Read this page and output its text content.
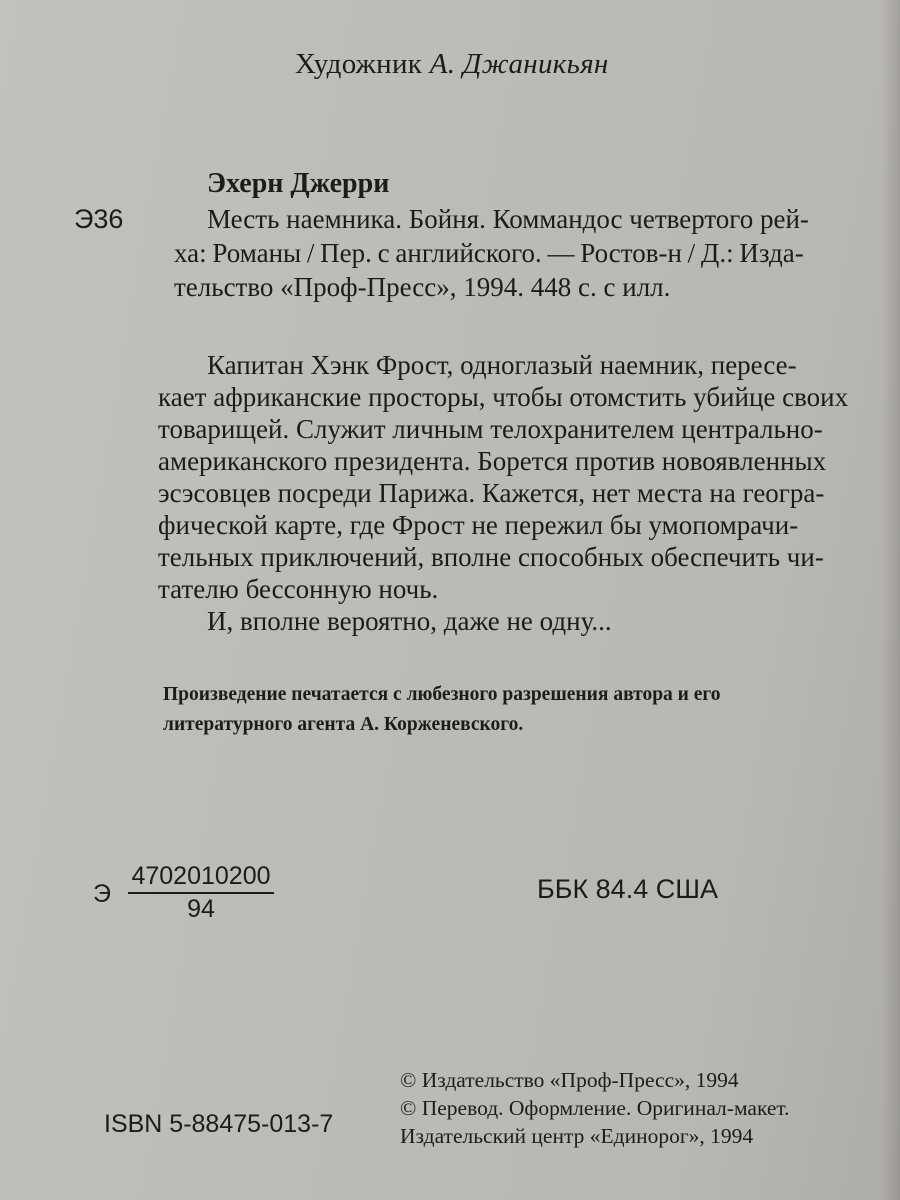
Художник А. Джаникьян
Эхерн Джерри
Э36	Месть наемника. Бойня. Коммандос четвертого рей-
ха: Романы / Пер. с английского. — Ростов-н / Д.: Изда-
тельство «Проф-Пресс», 1994. 448 с. с илл.
Капитан Хэнк Фрост, одноглазый наемник, пересе-
кает африканские просторы, чтобы отомстить убийце своих
товарищей. Служит личным телохранителем центрально-
американского президента. Борется против новоявленных
эсэсовцев посреди Парижа. Кажется, нет места на геогра-
фической карте, где Фрост не пережил бы умопомрачи-
тельных приключений, вполне способных обеспечить чи-
тателю бессонную ночь.
И, вполне вероятно, даже не одну...
Произведение печатается с любезного разрешения автора и его
литературного агента А. Корженевского.
Э $\frac{4702010200}{94}$	ББК 84.4 США
ISBN 5-88475-013-7
© Издательство «Проф-Пресс», 1994
© Перевод. Оформление. Оригинал-макет.
Издательский центр «Единорог», 1994
